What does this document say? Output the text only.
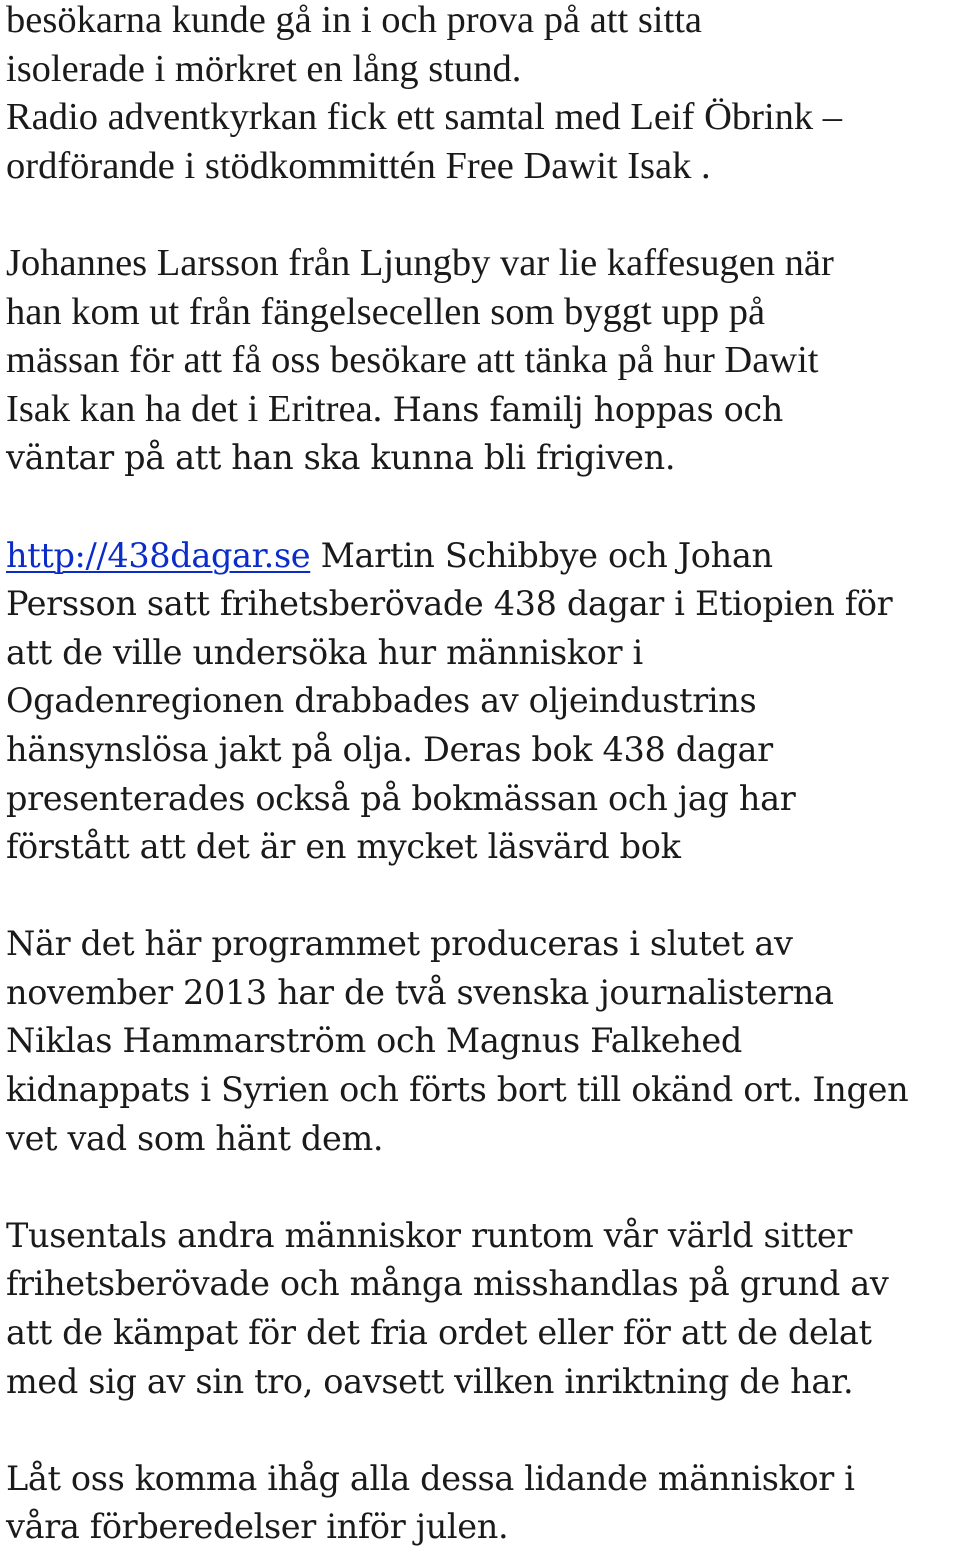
besökarna kunde gå in i och prova på att sitta
isolerade i mörkret en lång stund.
Radio adventkyrkan fick ett samtal med Leif Öbrink –
ordförande i stödkommittén Free Dawit Isak .

Johannes Larsson från Ljungby var lie kaffesugen när
han kom ut från fängelsecellen som byggt upp på
mässan för att få oss besökare att tänka på hur Dawit
Isak kan ha det i Eritrea. Hans familj hoppas och
väntar på att han ska kunna bli frigiven.

http://438dagar.se Martin Schibbye och Johan
Persson satt frihetsberövade 438 dagar i Etiopien för
att de ville undersöka hur människor i
Ogadenregionen drabbades av oljeindustrins
hänsynslösa jakt på olja. Deras bok 438 dagar
presenterades också på bokmässan och jag har
förstått att det är en mycket läsvärd bok

När det här programmet produceras i slutet av
november 2013 har de två svenska journalisterna
Niklas Hammarström och Magnus Falkehed
kidnappats i Syrien och förts bort till okänd ort. Ingen
vet vad som hänt dem.

Tusentals andra människor runtom vår värld sitter
frihetsberövade och många misshandlas på grund av
att de kämpat för det fria ordet eller för att de delat
med sig av sin tro, oavsett vilken inriktning de har.

Låt oss komma ihåg alla dessa lidande människor i
våra förberedelser inför julen.
